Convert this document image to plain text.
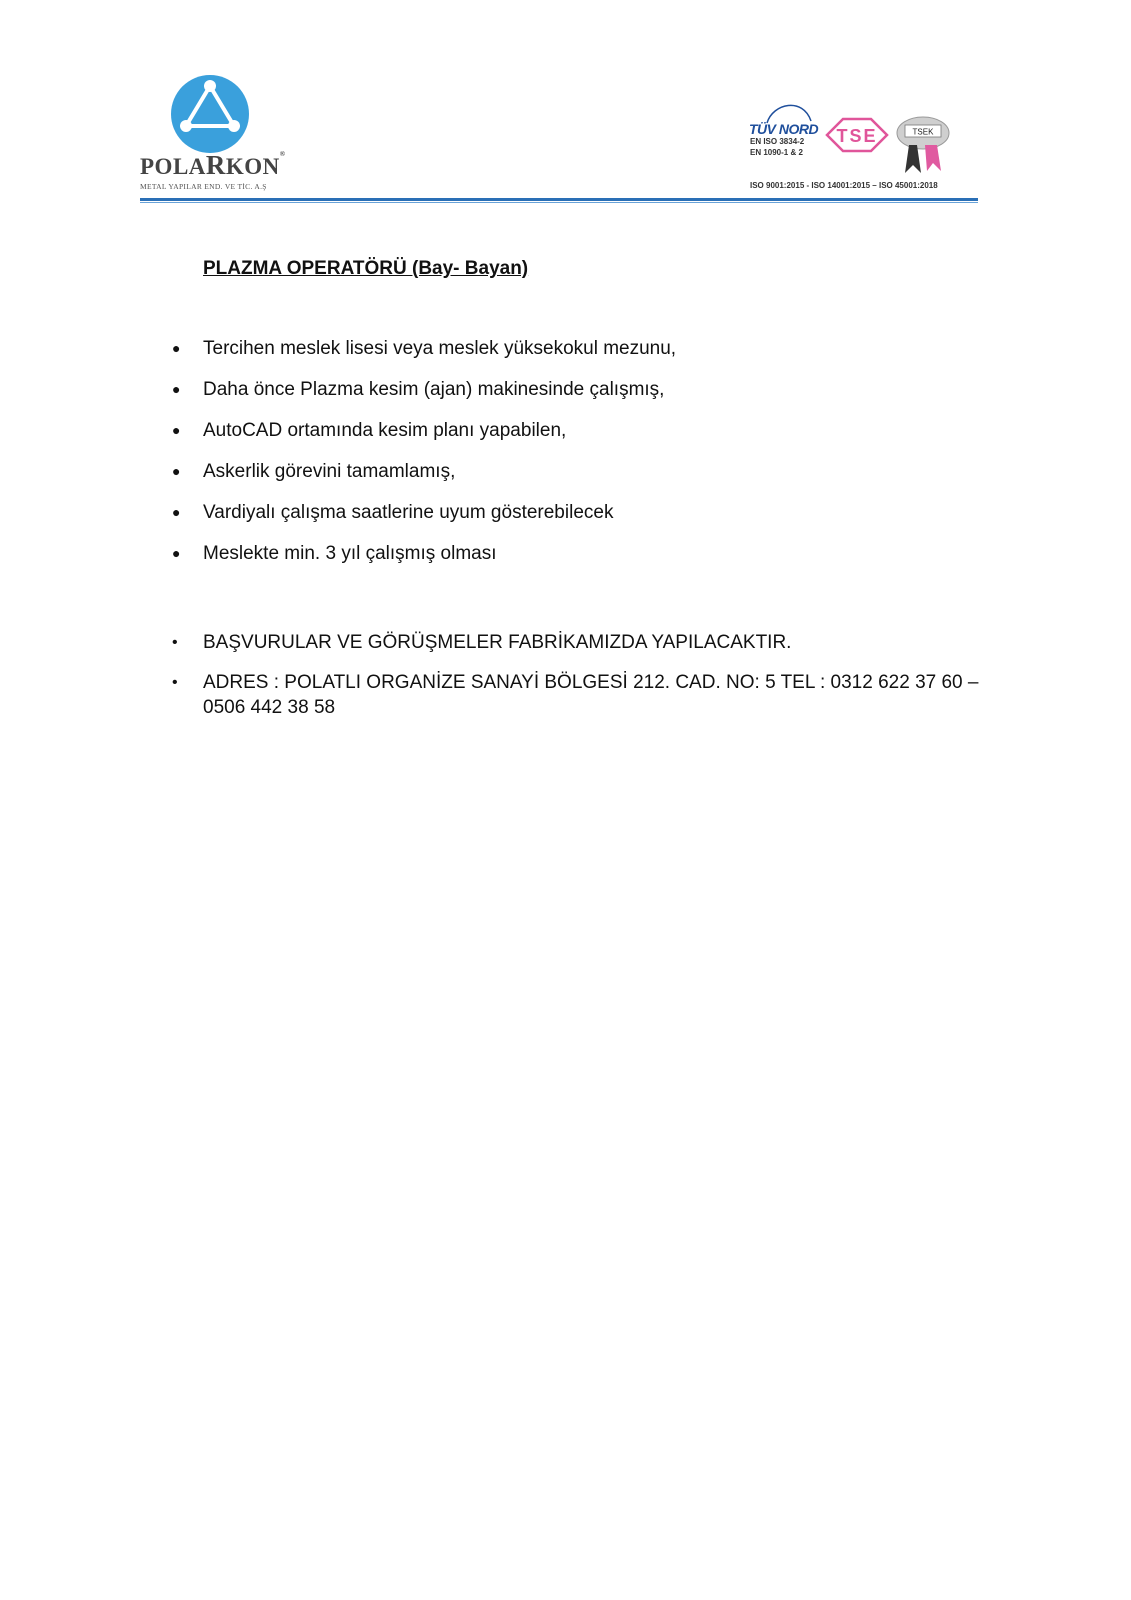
POLARKON®
METAL YAPILAR END. VE TİC. A.Ş
TÜV NORD
EN ISO 3834-2
EN 1090-1 & 2
TSE	TSEK
ISO 9001:2015 - ISO 14001:2015 – ISO 45001:2018
PLAZMA OPERATÖRÜ (Bay- Bayan)
● Tercihen meslek lisesi veya meslek yüksekokul mezunu,
● Daha önce Plazma kesim (ajan) makinesinde çalışmış,
● AutoCAD ortamında kesim planı yapabilen,
● Askerlik görevini tamamlamış,
● Vardiyalı çalışma saatlerine uyum gösterebilecek
● Meslekte min. 3 yıl çalışmış olması
• BAŞVURULAR VE GÖRÜŞMELER FABRİKAMIZDA YAPILACAKTIR.
• ADRES : POLATLI ORGANİZE SANAYİ BÖLGESİ 212. CAD. NO: 5 TEL : 0312 622 37 60 – 0506 442 38 58
